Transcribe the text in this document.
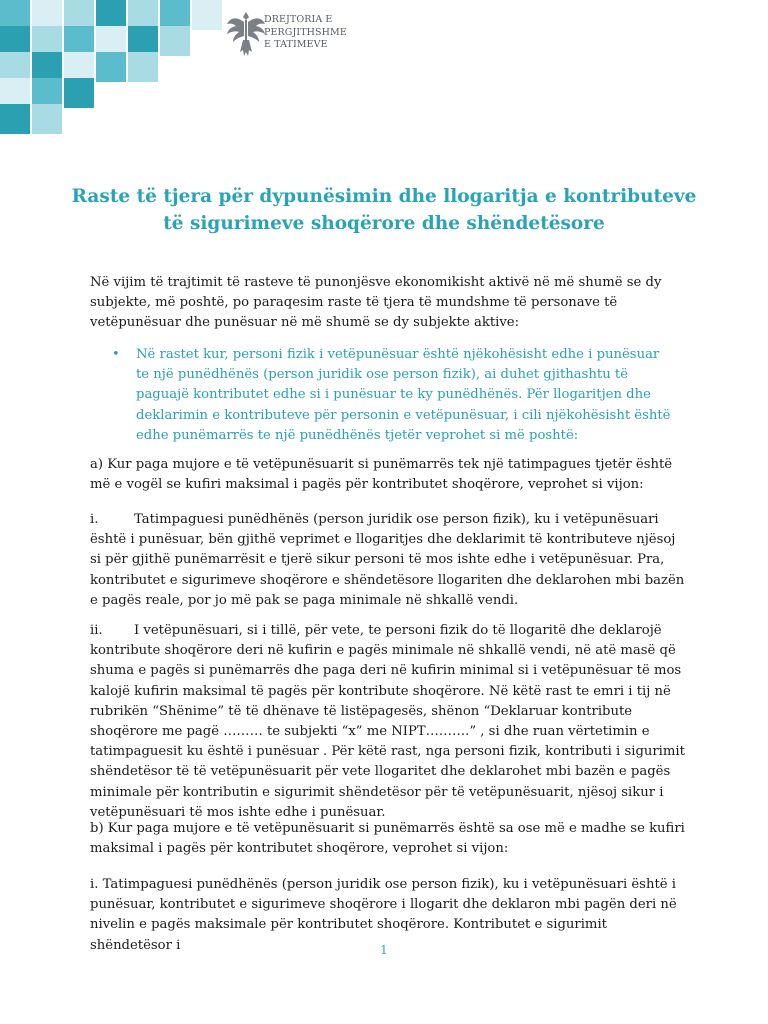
DREJTORIA E
PERGJITHSHME
E TATIMEVE
Raste të tjera për dypunësimin dhe llogaritja e kontributeve të sigurimeve shoqërore dhe shëndetësore
Në vijim të trajtimit të rasteve të punonjësve ekonomikisht aktivë në më shumë se dy subjekte, më poshtë, po paraqesim raste të tjera të mundshme të personave të vetëpunësuar dhe punësuar në më shumë se dy subjekte aktive:
• Në rastet kur, personi fizik i vetëpunësuar është njëkohësisht edhe i punësuar te një punëdhënës (person juridik ose person fizik), ai duhet gjithashtu të paguajë kontributet edhe si i punësuar te ky punëdhënës. Për llogaritjen dhe deklarimin e kontributeve për personin e vetëpunësuar, i cili njëkohësisht është edhe punëmarrës te një punëdhënës tjetër veprohet si më poshtë:
a) Kur paga mujore e të vetëpunësuarit si punëmarrës tek një tatimpagues tjetër është më e vogël se kufiri maksimal i pagës për kontributet shoqërore, veprohet si vijon:
i.	Tatimpaguesi punëdhënës (person juridik ose person fizik), ku i vetëpunësuari është i punësuar, bën gjithë veprimet e llogaritjes dhe deklarimit të kontributeve njësoj si për gjithë punëmarrësit e tjerë sikur personi të mos ishte edhe i vetëpunësuar. Pra, kontributet e sigurimeve shoqërore e shëndetësore llogariten dhe deklarohen mbi bazën e pagës reale, por jo më pak se paga minimale në shkallë vendi.
ii. I vetëpunësuari, si i tillë, për vete, te personi fizik do të llogaritë dhe deklarojë kontribute shoqërore deri në kufirin e pagës minimale në shkallë vendi, në atë masë që shuma e pagës si punëmarrës dhe paga deri në kufirin minimal si i vetëpunësuar të mos kalojë kufirin maksimal të pagës për kontribute shoqërore. Në këtë rast te emri i tij në rubrikën “Shënime” të të dhënave të listëpagesës, shënon “Deklaruar kontribute shoqërore me pagë ……… te subjekti “x” me NIPT……….” , si dhe ruan vërtetimin e tatimpaguesit ku është i punësuar . Për këtë rast, nga personi fizik, kontributi i sigurimit shëndetësor të të vetëpunësuarit për vete llogaritet dhe deklarohet mbi bazën e pagës minimale për kontributin e sigurimit shëndetësor për të vetëpunësuarit, njësoj sikur i vetëpunësuari të mos ishte edhe i punësuar.
b) Kur paga mujore e të vetëpunësuarit si punëmarrës është sa ose më e madhe se kufiri maksimal i pagës për kontributet shoqërore, veprohet si vijon:
i. Tatimpaguesi punëdhënës (person juridik ose person fizik), ku i vetëpunësuari është i punësuar, kontributet e sigurimeve shoqërore i llogarit dhe deklaron mbi pagën deri në nivelin e pagës maksimale për kontributet shoqërore. Kontributet e sigurimit shëndetësor i	1
